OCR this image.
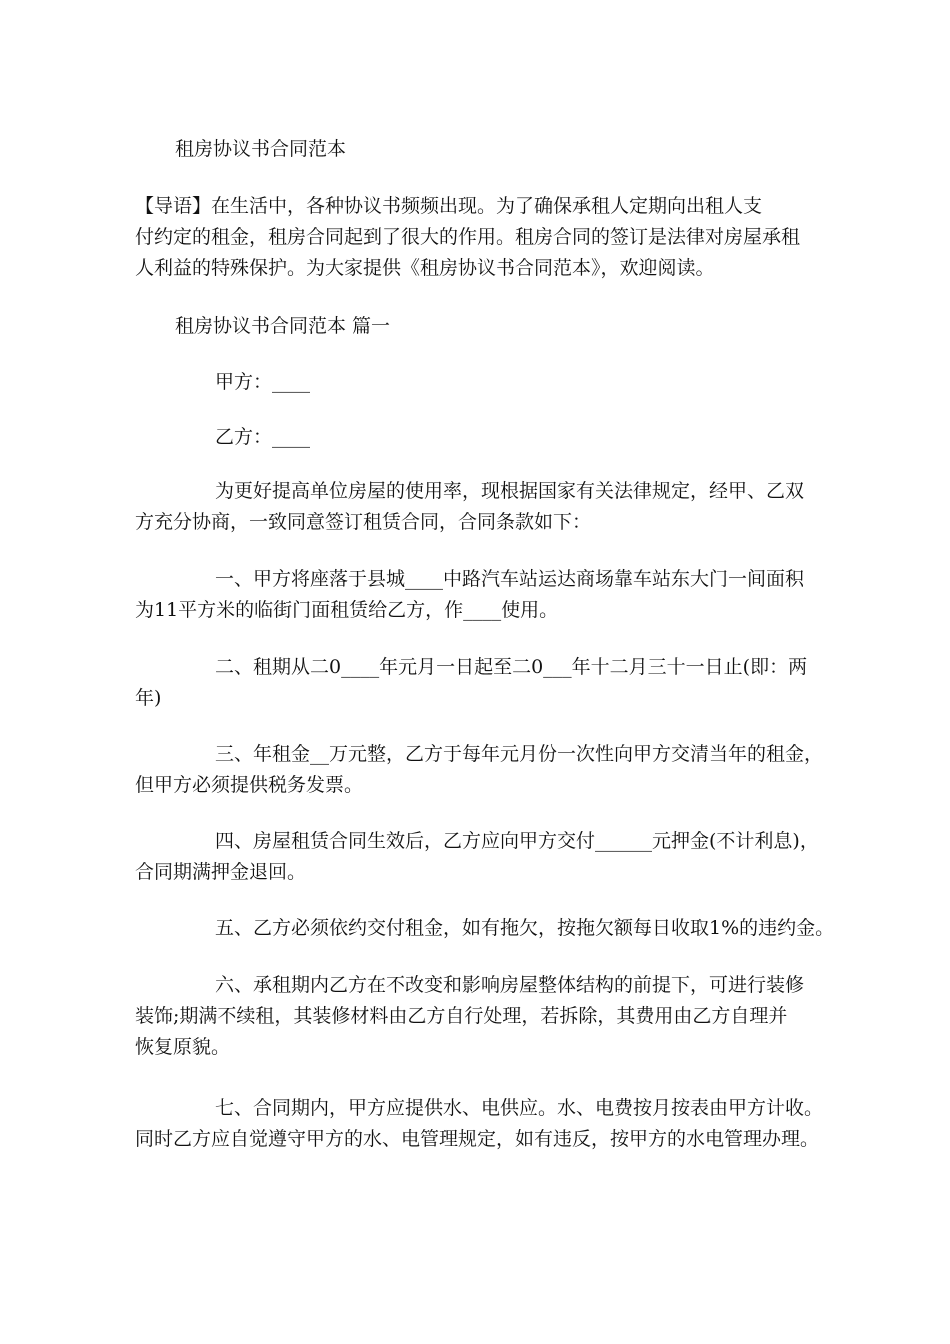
租房协议书合同范本
【导语】在生活中，各种协议书频频出现。为了确保承租人定期向出租人支
付约定的租金，租房合同起到了很大的作用。租房合同的签订是法律对房屋承租
人利益的特殊保护。为大家提供《租房协议书合同范本》，欢迎阅读。
租房协议书合同范本 篇一
甲方：____
乙方：____
为更好提高单位房屋的使用率，现根据国家有关法律规定，经甲、乙双
方充分协商，一致同意签订租赁合同，合同条款如下：
一、甲方将座落于县城____中路汽车站运达商场靠车站东大门一间面积
为11平方米的临街门面租赁给乙方，作____使用。
二、租期从二0____年元月一日起至二0___年十二月三十一日止(即：两
年)
三、年租金__万元整，乙方于每年元月份一次性向甲方交清当年的租金，
但甲方必须提供税务发票。
四、房屋租赁合同生效后，乙方应向甲方交付______元押金(不计利息)，
合同期满押金退回。
五、乙方必须依约交付租金，如有拖欠，按拖欠额每日收取1%的违约金。
六、承租期内乙方在不改变和影响房屋整体结构的前提下，可进行装修
装饰;期满不续租，其装修材料由乙方自行处理，若拆除，其费用由乙方自理并
恢复原貌。
七、合同期内，甲方应提供水、电供应。水、电费按月按表由甲方计收。
同时乙方应自觉遵守甲方的水、电管理规定，如有违反，按甲方的水电管理办理。
